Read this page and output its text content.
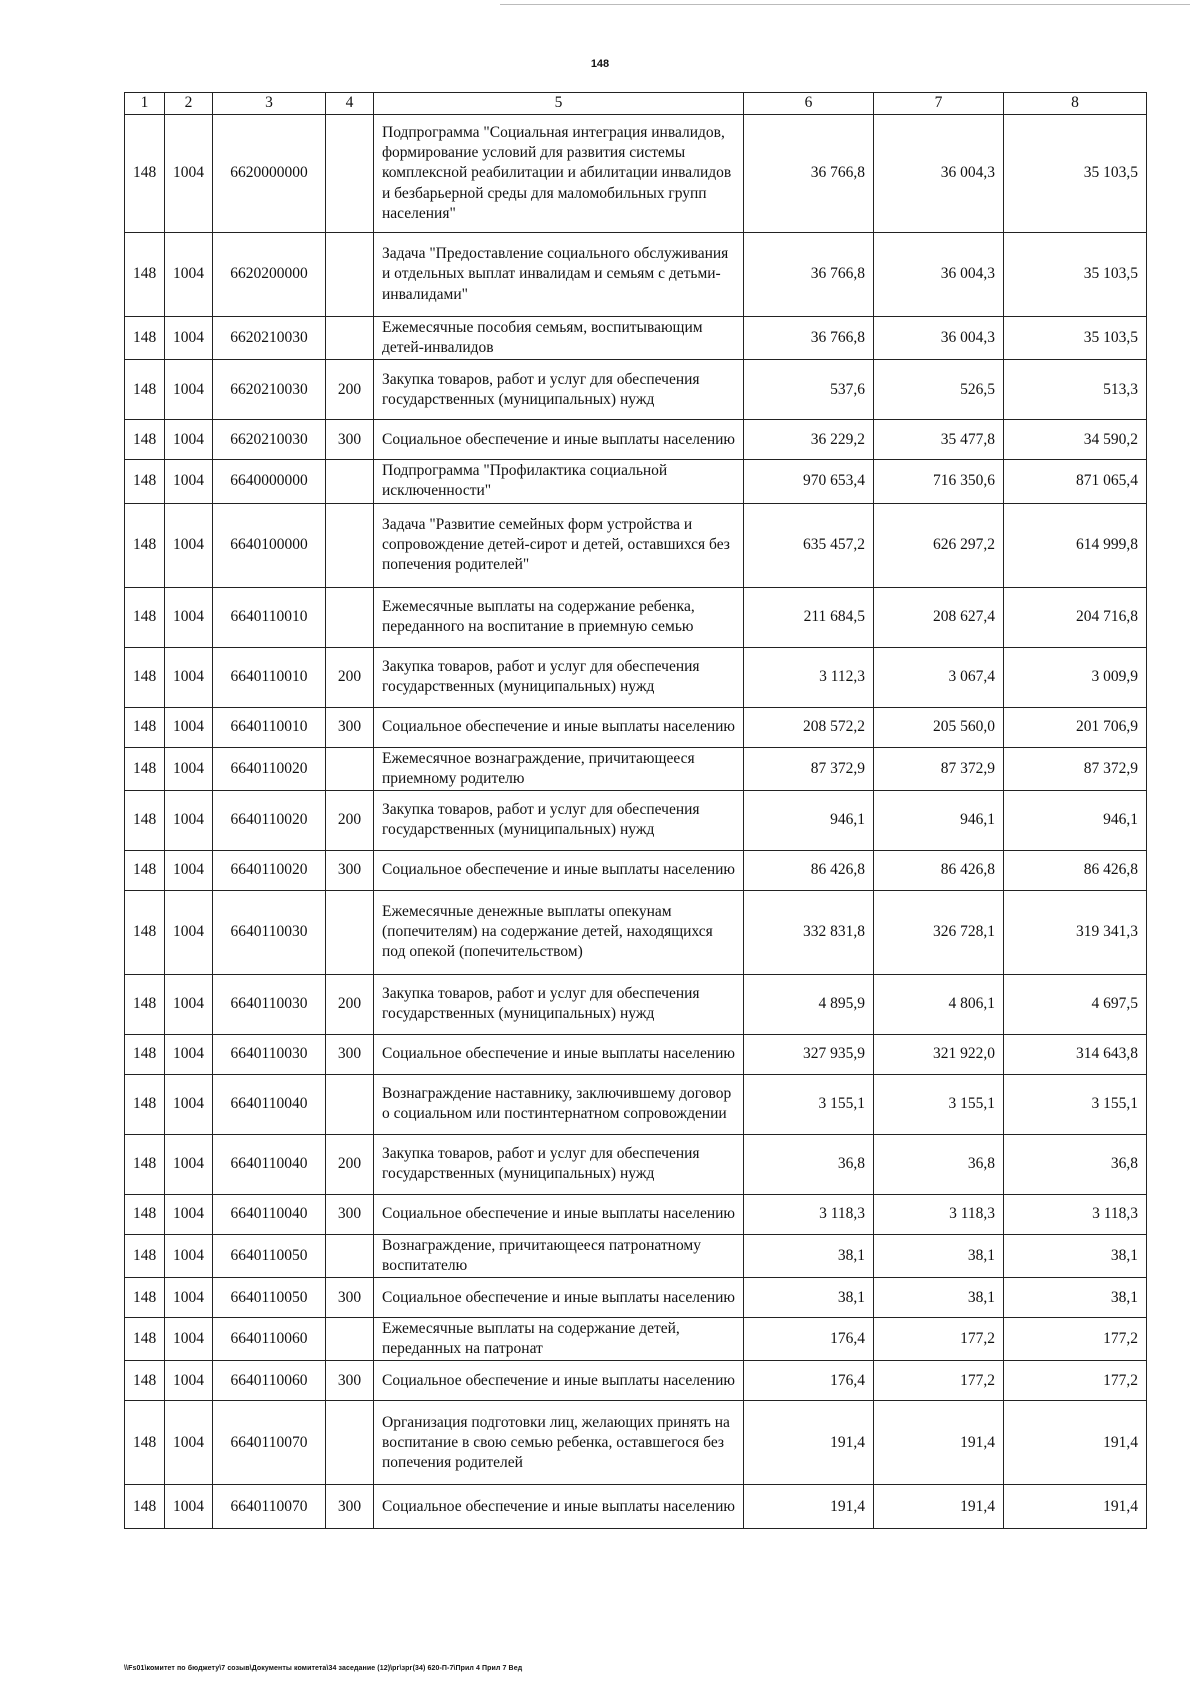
148
1	2	3	4	5	6	7	8
148	1004	6620000000		Подпрограмма "Социальная интеграция инвалидов, формирование условий для развития системы комплексной реабилитации и абилитации инвалидов и безбарьерной среды для маломобильных групп населения"	36 766,8	36 004,3	35 103,5
148	1004	6620200000		Задача "Предоставление социального обслуживания и отдельных выплат инвалидам и семьям с детьми-инвалидами"	36 766,8	36 004,3	35 103,5
148	1004	6620210030		Ежемесячные пособия семьям, воспитывающим детей-инвалидов	36 766,8	36 004,3	35 103,5
148	1004	6620210030	200	Закупка товаров, работ и услуг для обеспечения государственных (муниципальных) нужд	537,6	526,5	513,3
148	1004	6620210030	300	Социальное обеспечение и иные выплаты населению	36 229,2	35 477,8	34 590,2
148	1004	6640000000		Подпрограмма "Профилактика социальной исключенности"	970 653,4	716 350,6	871 065,4
148	1004	6640100000		Задача "Развитие семейных форм устройства и сопровождение детей-сирот и детей, оставшихся без попечения родителей"	635 457,2	626 297,2	614 999,8
148	1004	6640110010		Ежемесячные выплаты на содержание ребенка, переданного на воспитание в приемную семью	211 684,5	208 627,4	204 716,8
148	1004	6640110010	200	Закупка товаров, работ и услуг для обеспечения государственных (муниципальных) нужд	3 112,3	3 067,4	3 009,9
148	1004	6640110010	300	Социальное обеспечение и иные выплаты населению	208 572,2	205 560,0	201 706,9
148	1004	6640110020		Ежемесячное вознаграждение, причитающееся приемному родителю	87 372,9	87 372,9	87 372,9
148	1004	6640110020	200	Закупка товаров, работ и услуг для обеспечения государственных (муниципальных) нужд	946,1	946,1	946,1
148	1004	6640110020	300	Социальное обеспечение и иные выплаты населению	86 426,8	86 426,8	86 426,8
148	1004	6640110030		Ежемесячные денежные выплаты опекунам (попечителям) на содержание детей, находящихся под опекой (попечительством)	332 831,8	326 728,1	319 341,3
148	1004	6640110030	200	Закупка товаров, работ и услуг для обеспечения государственных (муниципальных) нужд	4 895,9	4 806,1	4 697,5
148	1004	6640110030	300	Социальное обеспечение и иные выплаты населению	327 935,9	321 922,0	314 643,8
148	1004	6640110040		Вознаграждение наставнику, заключившему договор о социальном или постинтернатном сопровождении	3 155,1	3 155,1	3 155,1
148	1004	6640110040	200	Закупка товаров, работ и услуг для обеспечения государственных (муниципальных) нужд	36,8	36,8	36,8
148	1004	6640110040	300	Социальное обеспечение и иные выплаты населению	3 118,3	3 118,3	3 118,3
148	1004	6640110050		Вознаграждение, причитающееся патронатному воспитателю	38,1	38,1	38,1
148	1004	6640110050	300	Социальное обеспечение и иные выплаты населению	38,1	38,1	38,1
148	1004	6640110060		Ежемесячные выплаты на содержание детей, переданных на патронат	176,4	177,2	177,2
148	1004	6640110060	300	Социальное обеспечение и иные выплаты населению	176,4	177,2	177,2
148	1004	6640110070		Организация подготовки лиц, желающих принять на воспитание в свою семью ребенка, оставшегося без попечения родителей	191,4	191,4	191,4
148	1004	6640110070	300	Социальное обеспечение и иные выплаты населению	191,4	191,4	191,4
\\Fs01\комитет по бюджету\7 созыв\Документы комитета\34 заседание (12)\рг\зрг(34) 620-П-7\Прил 4 Прил 7 Вед
